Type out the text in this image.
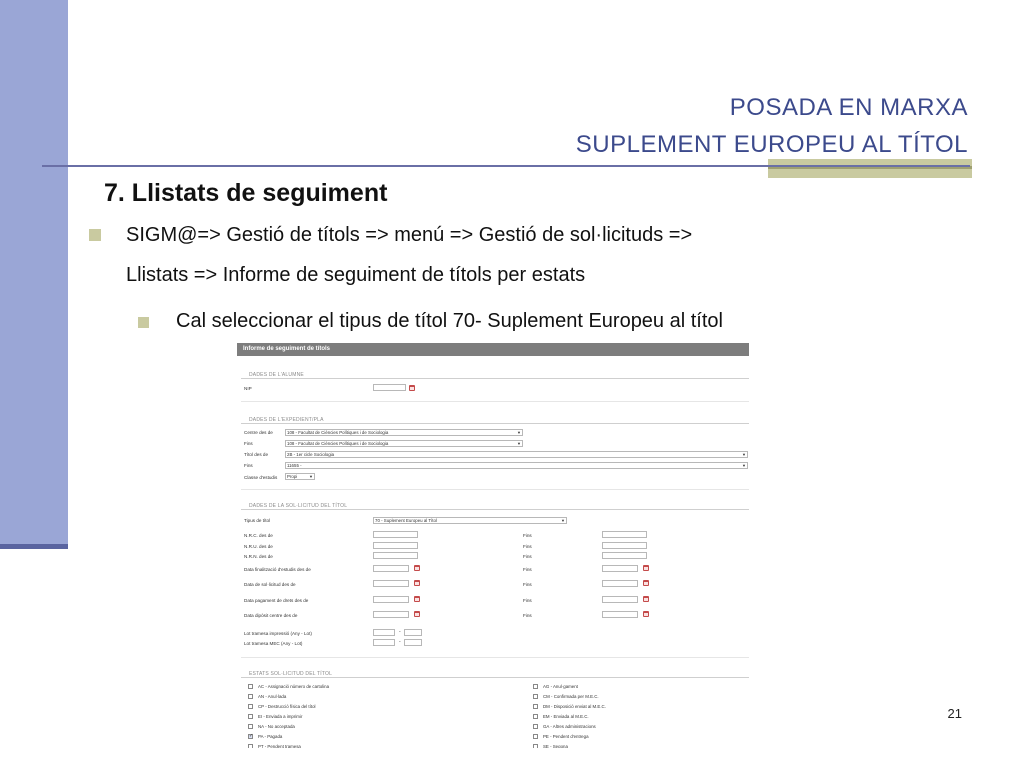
POSADA EN MARXA
SUPLEMENT EUROPEU AL TÍTOL
7. Llistats de seguiment
SIGM@=> Gestió de títols => menú => Gestió de sol·licituds =>
Llistats => Informe de seguiment de títols per estats
Cal seleccionar el tipus de títol 70- Suplement Europeu al títol
Informe de seguiment de títols
DADES DE L'ALUMNE
NIP
DADES DE L'EXPEDIENT/PLA
Centre des de	108 - Facultat de Ciències Polítiques i de Sociologia	▼
Fins	108 - Facultat de Ciències Polítiques i de Sociologia	▼
Títol des de	2B - 1er cicle Sociologia	▼
Fins	11655 -	▼
Classe d'estudis	Propi	▼
DADES DE LA SOL·LICITUD DEL TÍTOL
Tipus de títol	70 - Suplement Europeu al Títol	▼
N.R.C. des de	Fins
N.R.U. des de	Fins
N.R.N. des de	Fins
Data finalització d'estudis des de	Fins
Data de sol·licitud des de	Fins
Data pagament de drets des de	Fins
Data dipòsit centre des de	Fins
Lot tramesa impressió (Any - Lot)	-
Lot tramesa MEC (Any - Lot)	-
ESTATS SOL·LICITUD DEL TÍTOL
AC - Assignació número de cartolina
AN - Anul·lada
CP - Destrucció física del títol
EI - Enviada a imprimir
NA - No acceptada
✓ PA - Pagada
PT - Pendent tramesa
AG - Anul·gament
CM - Confirmada per M.E.C.
DM - Disposició enviat al M.E.C.
EM - Enviada al M.E.C.
GA - Altres administracions
PE - Pendent d'entrega
SE - Segona
21
